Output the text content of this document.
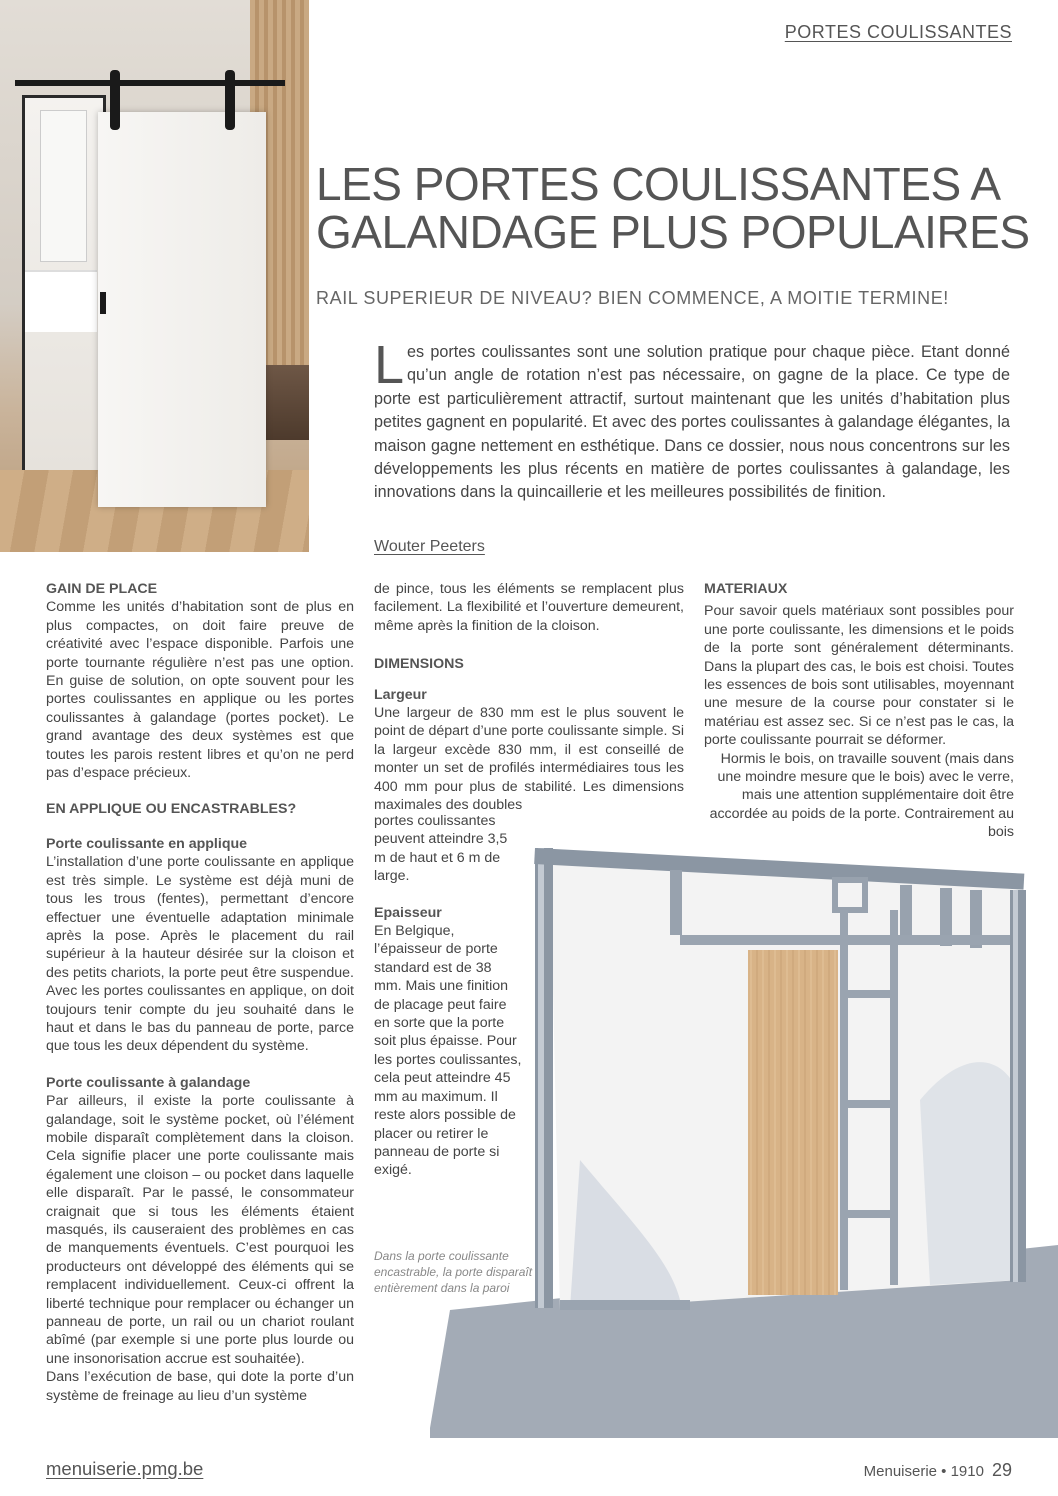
PORTES COULISSANTES
LES PORTES COULISSANTES A
GALANDAGE PLUS POPULAIRES
RAIL SUPERIEUR DE NIVEAU? BIEN COMMENCE, A MOITIE TERMINE!
Les portes coulissantes sont une solution pratique pour chaque pièce. Etant donné qu’un angle de rotation n’est pas nécessaire, on gagne de la place. Ce type de porte est particulièrement attractif, surtout maintenant que les unités d’habitation plus petites gagnent en popularité. Et avec des portes coulissantes à galandage élégantes, la maison gagne nettement en esthétique. Dans ce dossier, nous nous concentrons sur les développements les plus récents en matière de portes coulissantes à galandage, les innovations dans la quincaillerie et les meilleures possibilités de finition.
Wouter Peeters

GAIN DE PLACE

Comme les unités d’habitation sont de plus en plus compactes, on doit faire preuve de créativité avec l’espace disponible. Parfois une porte tournante régulière n’est pas une option. En guise de solution, on opte souvent pour les portes coulissantes en applique ou les portes coulissantes à galandage (portes pocket). Le grand avantage des deux systèmes est que toutes les parois restent libres et qu’on ne perd pas d’espace précieux.

EN APPLIQUE OU ENCASTRABLES?

Porte coulissante en applique

L’installation d’une porte coulissante en applique est très simple. Le système est déjà muni de tous les trous (fentes), permettant d’encore effectuer une éventuelle adaptation minimale après la pose. Après le placement du rail supérieur à la hauteur désirée sur la cloison et des petits chariots, la porte peut être suspendue. Avec les portes coulissantes en applique, on doit toujours tenir compte du jeu souhaité dans le haut et dans le bas du panneau de porte, parce que tous les deux dépendent du système.

Porte coulissante à galandage

Par ailleurs, il existe la porte coulissante à galandage, soit le système pocket, où l’élément mobile disparaît complètement dans la cloison. Cela signifie placer une porte coulissante mais également une cloison – ou pocket dans laquelle elle disparaît. Par le passé, le consommateur craignait que si tous les éléments étaient masqués, ils causeraient des problèmes en cas de manquements éventuels. C’est pourquoi les producteurs ont développé des éléments qui se remplacent individuellement. Ceux-ci offrent la liberté technique pour remplacer ou échanger un panneau de porte, un rail ou un chariot roulant abîmé (par exemple si une porte plus lourde ou une insonorisation accrue est souhaitée).

Dans l’exécution de base, qui dote la porte d’un système de freinage au lieu d’un système

de pince, tous les éléments se remplacent plus facilement. La flexibilité et l’ouverture demeurent, même après la finition de la cloison.

DIMENSIONS

Largeur

Une largeur de 830 mm est le plus souvent le point de départ d’une porte coulissante simple. Si la largeur excède 830 mm, il est conseillé de monter un set de profilés intermédiaires tous les 400 mm pour plus de stabilité. Les dimensions maximales des doubles

portes coulissantes peuvent atteindre 3,5 m de haut et 6 m de large.

Epaisseur

En Belgique, l’épaisseur de porte standard est de 38 mm. Mais une finition de placage peut faire en sorte que la porte soit plus épaisse. Pour les portes coulissantes, cela peut atteindre 45 mm au maximum. Il reste alors possible de placer ou retirer le panneau de porte si exigé.

MATERIAUX

Pour savoir quels matériaux sont possibles pour une porte coulissante, les dimensions et le poids de la porte sont généralement déterminants. Dans la plupart des cas, le bois est choisi. Toutes les essences de bois sont utilisables, moyennant une mesure de la course pour constater si le matériau est assez sec. Si ce n’est pas le cas, la porte coulissante pourrait se déformer.

Hormis le bois, on travaille souvent (mais dans une moindre mesure que le bois) avec le verre, mais une attention supplémentaire doit être accordée au poids de la porte. Contrairement au bois

Dans la porte coulissante encastrable, la porte disparaît entièrement dans la paroi
menuiserie.pmg.be	Menuiserie • 1910 29
